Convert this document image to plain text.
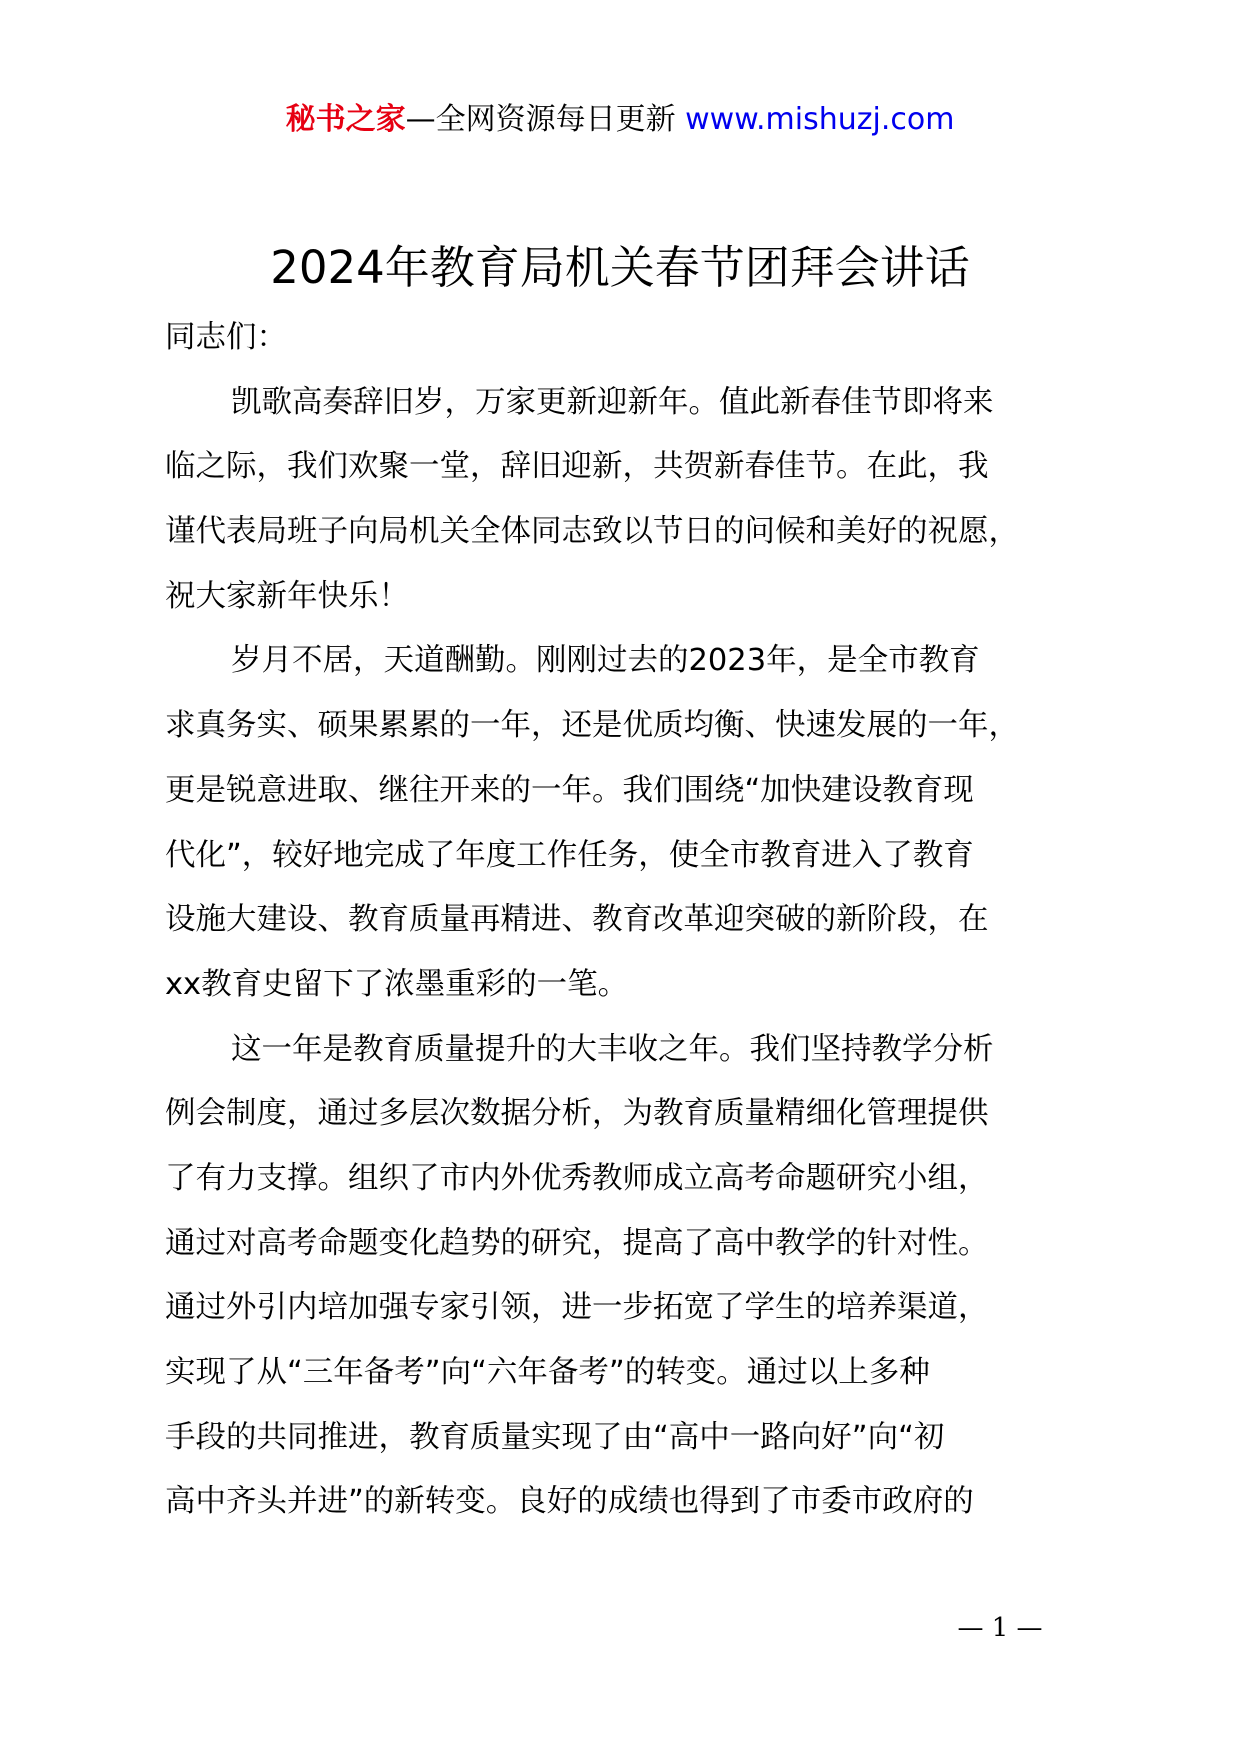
秘书之家—全网资源每日更新 www.mishuzj.com
2024年教育局机关春节团拜会讲话
同志们：
凯歌高奏辞旧岁，万家更新迎新年。值此新春佳节即将来
临之际，我们欢聚一堂，辞旧迎新，共贺新春佳节。在此，我
谨代表局班子向局机关全体同志致以节日的问候和美好的祝愿，
祝大家新年快乐！
岁月不居，天道酬勤。刚刚过去的2023年，是全市教育
求真务实、硕果累累的一年，还是优质均衡、快速发展的一年，
更是锐意进取、继往开来的一年。我们围绕“加快建设教育现
代化”，较好地完成了年度工作任务，使全市教育进入了教育
设施大建设、教育质量再精进、教育改革迎突破的新阶段，在
xx教育史留下了浓墨重彩的一笔。
这一年是教育质量提升的大丰收之年。我们坚持教学分析
例会制度，通过多层次数据分析，为教育质量精细化管理提供
了有力支撑。组织了市内外优秀教师成立高考命题研究小组，
通过对高考命题变化趋势的研究，提高了高中教学的针对性。
通过外引内培加强专家引领，进一步拓宽了学生的培养渠道，
实现了从“三年备考”向“六年备考”的转变。通过以上多种
手段的共同推进，教育质量实现了由“高中一路向好”向“初
高中齐头并进”的新转变。良好的成绩也得到了市委市政府的
— 1 —
